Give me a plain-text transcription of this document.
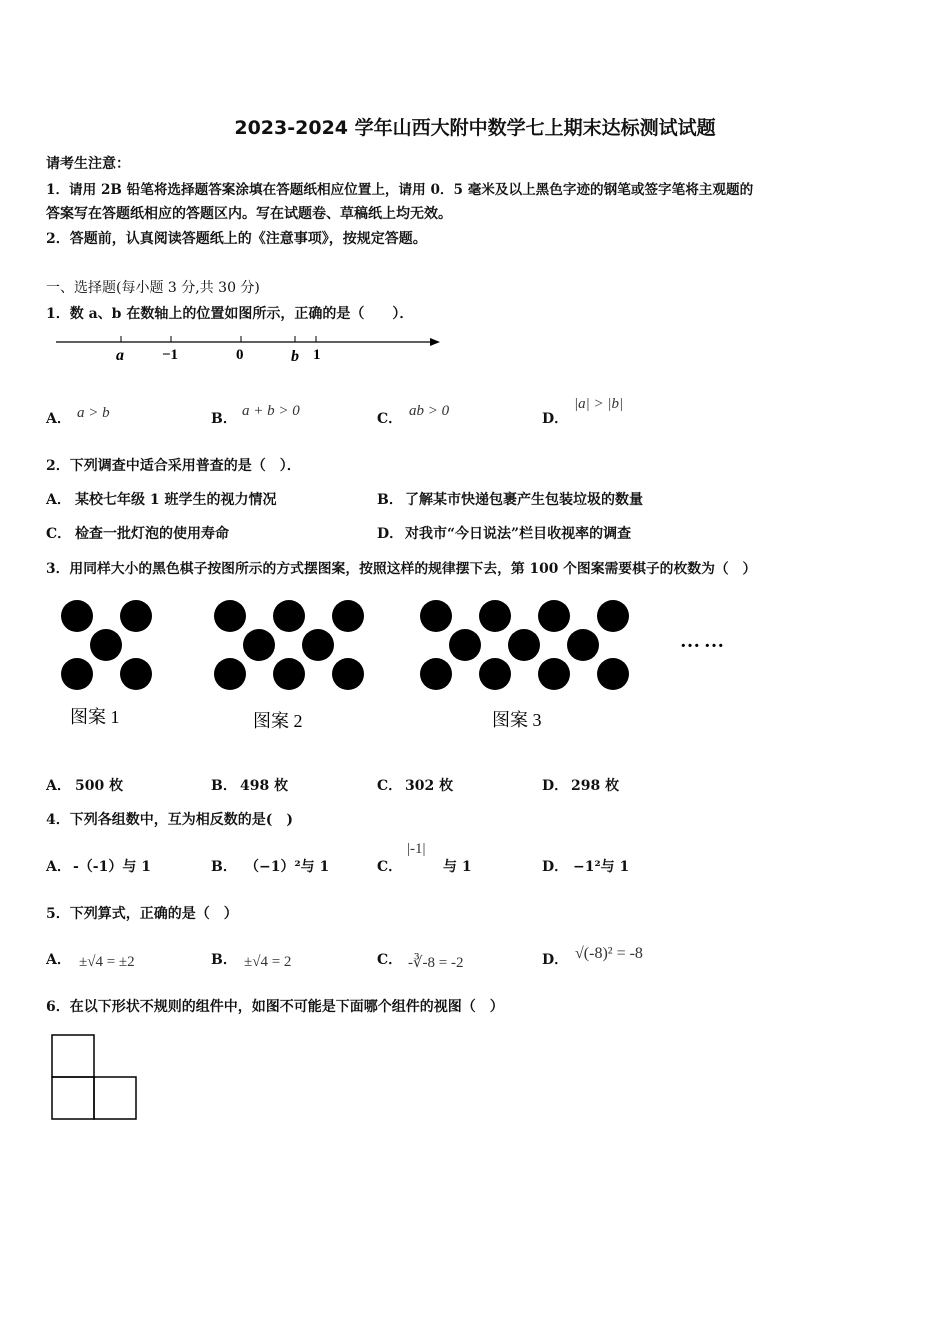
2023-2024 学年山西大附中数学七上期末达标测试试题
请考生注意：
1．请用 2B 铅笔将选择题答案涂填在答题纸相应位置上，请用 0．5 毫米及以上黑色字迹的钢笔或签字笔将主观题的
答案写在答题纸相应的答题区内。写在试题卷、草稿纸上均无效。
2．答题前，认真阅读答题纸上的《注意事项》，按规定答题。
一、选择题(每小题 3 分,共 30 分)
1．数 a、b 在数轴上的位置如图所示，正确的是（　　）．
a	−1	0	b 1
A． a > b	B． a + b > 0	C． ab > 0	D．
|a| > |b|
2．下列调查中适合采用普查的是（　）．
A． 某校七年级 1 班学生的视力情况	B． 了解某市快递包裹产生包装垃圾的数量
C． 检查一批灯泡的使用寿命	D． 对我市“今日说法”栏目收视率的调查
3．用同样大小的黑色棋子按图所示的方式摆图案，按照这样的规律摆下去，第 100 个图案需要棋子的枚数为（　）
图案 1	图案 2	图案 3
……
A． 500 枚	B． 498 枚	C． 302 枚	D． 298 枚
4．下列各组数中，互为相反数的是(　)
A． -（-1）与 1	B． （−1）²与 1	C．
|-1|
与 1	D． −1²与 1
5．下列算式，正确的是（　）
A． ±√4 = ±2	B． ±√4 = 2	C． -∛-8 = -2	D． √(-8)² = -8
6．在以下形状不规则的组件中，如图不可能是下面哪个组件的视图（　）
